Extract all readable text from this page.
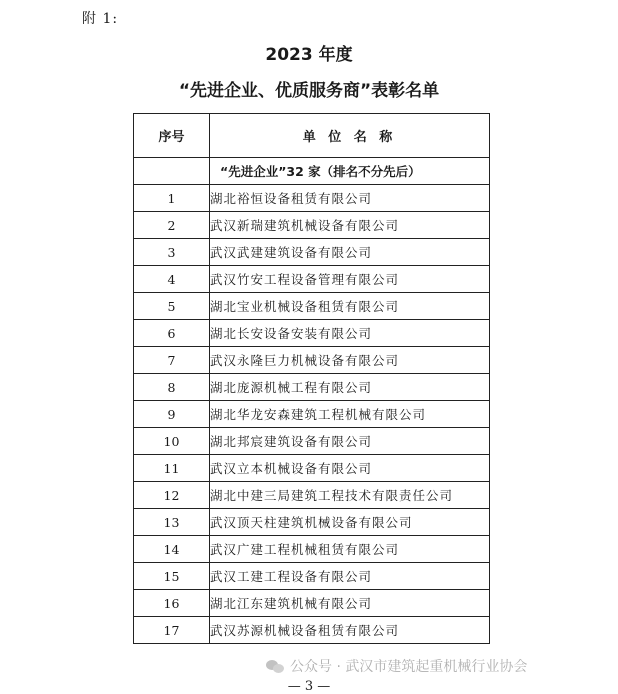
附 1:
2023 年度
“先进企业、优质服务商”表彰名单
序号	单 位 名 称
	“先进企业”32 家（排名不分先后）
1	湖北裕恒设备租赁有限公司
2	武汉新瑞建筑机械设备有限公司
3	武汉武建建筑设备有限公司
4	武汉竹安工程设备管理有限公司
5	湖北宝业机械设备租赁有限公司
6	湖北长安设备安装有限公司
7	武汉永隆巨力机械设备有限公司
8	湖北庞源机械工程有限公司
9	湖北华龙安森建筑工程机械有限公司
10	湖北邦宸建筑设备有限公司
11	武汉立本机械设备有限公司
12	湖北中建三局建筑工程技术有限责任公司
13	武汉顶天柱建筑机械设备有限公司
14	武汉广建工程机械租赁有限公司
15	武汉工建工程设备有限公司
16	湖北江东建筑机械有限公司
17	武汉苏源机械设备租赁有限公司
公众号 · 武汉市建筑起重机械行业协会
— 3 —
